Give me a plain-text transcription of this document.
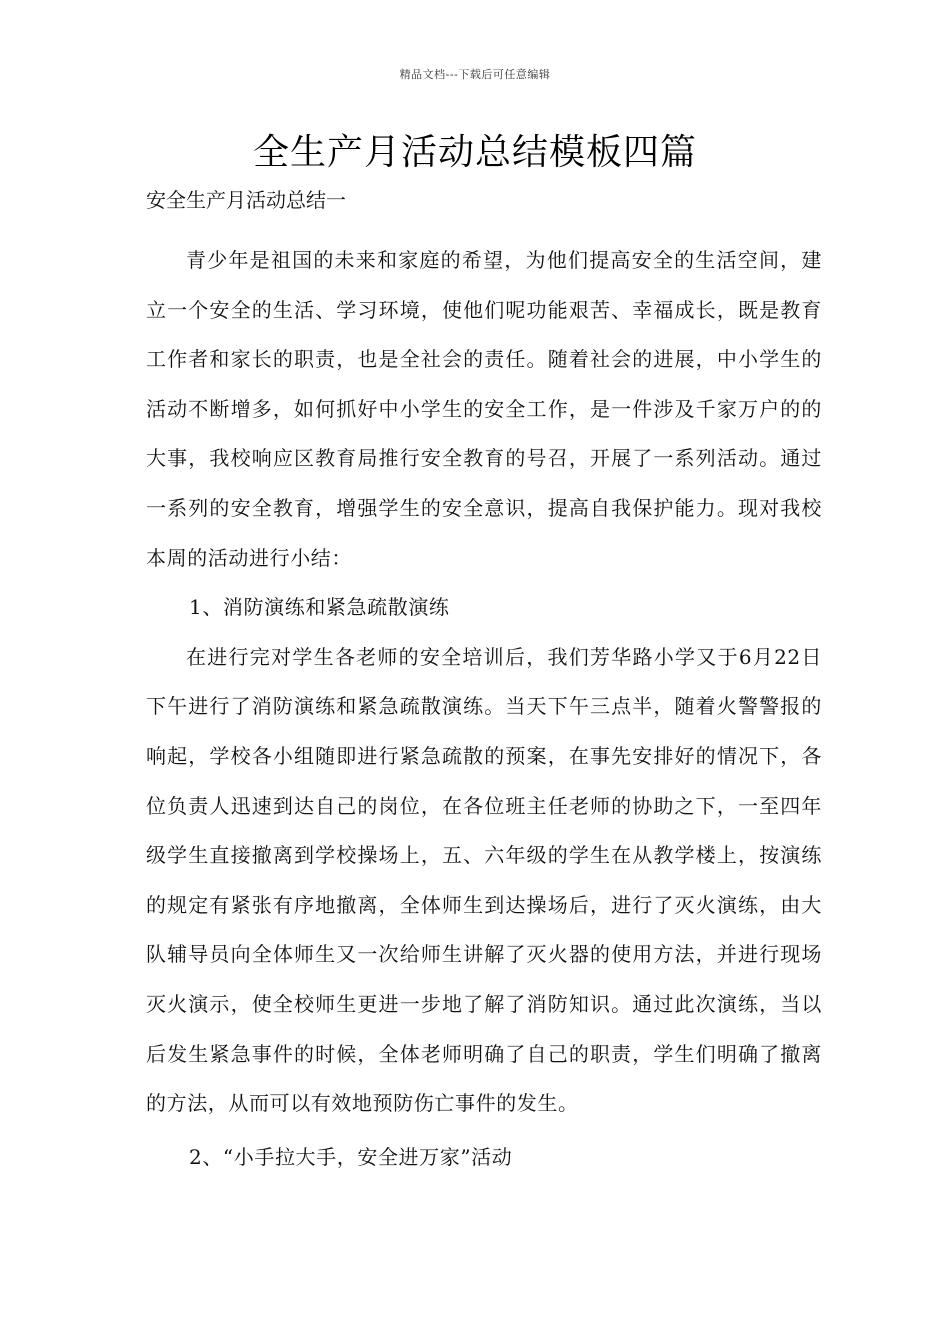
精品文档---下载后可任意编辑
全生产月活动总结模板四篇
安全生产月活动总结一

青少年是祖国的未来和家庭的希望，为他们提高安全的生活空间，建立一个安全的生活、学习环境，使他们呢功能艰苦、幸福成长，既是教育工作者和家长的职责，也是全社会的责任。随着社会的进展，中小学生的活动不断增多，如何抓好中小学生的安全工作，是一件涉及千家万户的的大事，我校响应区教育局推行安全教育的号召，开展了一系列活动。通过一系列的安全教育，增强学生的安全意识，提高自我保护能力。现对我校本周的活动进行小结：

1、消防演练和紧急疏散演练

在进行完对学生各老师的安全培训后，我们芳华路小学又于6月22日下午进行了消防演练和紧急疏散演练。当天下午三点半，随着火警警报的响起，学校各小组随即进行紧急疏散的预案，在事先安排好的情况下，各位负责人迅速到达自己的岗位，在各位班主任老师的协助之下，一至四年级学生直接撤离到学校操场上，五、六年级的学生在从教学楼上，按演练的规定有紧张有序地撤离，全体师生到达操场后，进行了灭火演练，由大队辅导员向全体师生又一次给师生讲解了灭火器的使用方法，并进行现场灭火演示，使全校师生更进一步地了解了消防知识。通过此次演练，当以后发生紧急事件的时候，全体老师明确了自己的职责，学生们明确了撤离的方法，从而可以有效地预防伤亡事件的发生。

2、“小手拉大手，安全进万家”活动
